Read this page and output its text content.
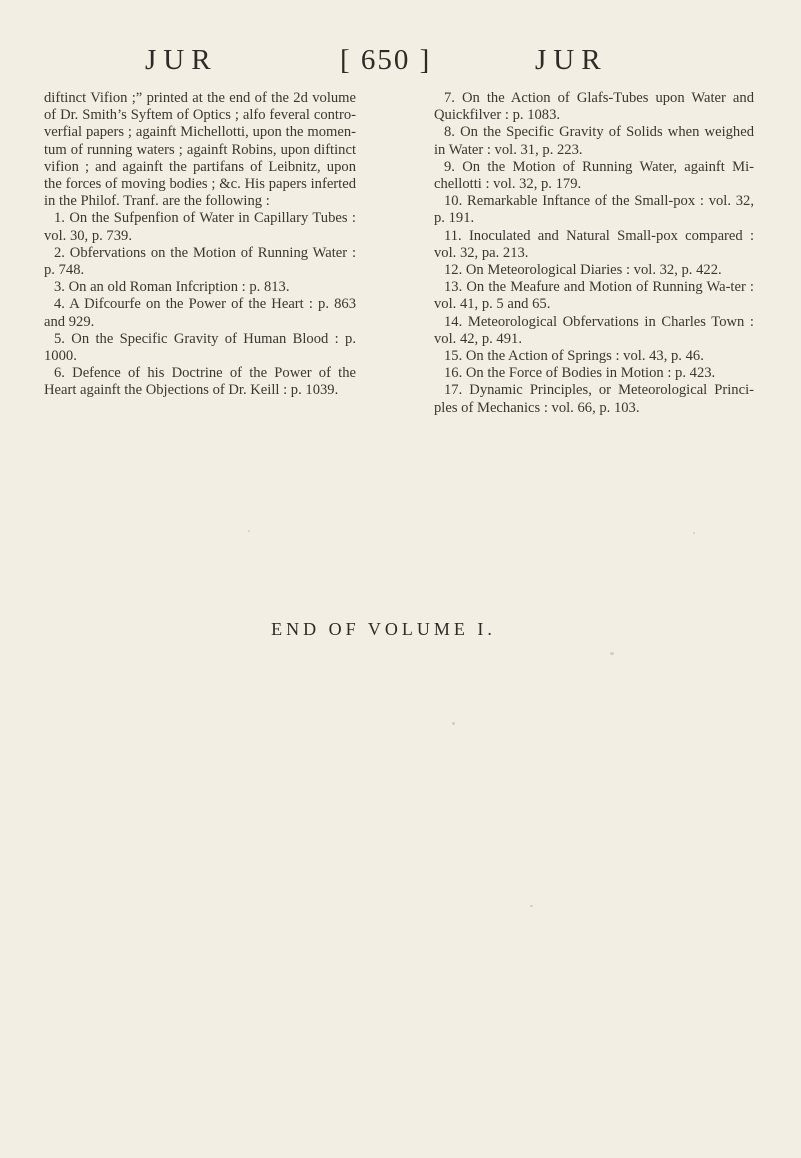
JUR	[ 650 ]	JUR

diftinct Vifion ;” printed at the end of the 2d volume of Dr. Smith’s Syftem of Optics ; alfo feveral contro-verfial papers ; againft Michellotti, upon the momen-tum of running waters ; againft Robins, upon diftinct vifion ; and againft the partifans of Leibnitz, upon the forces of moving bodies ; &c. His papers inferted in the Philof. Tranf. are the following :

1. On the Sufpenfion of Water in Capillary Tubes : vol. 30, p. 739.

2. Obfervations on the Motion of Running Water : p. 748.

3. On an old Roman Infcription : p. 813.

4. A Difcourfe on the Power of the Heart : p. 863 and 929.

5. On the Specific Gravity of Human Blood : p. 1000.

6. Defence of his Doctrine of the Power of the Heart againft the Objections of Dr. Keill : p. 1039.

7. On the Action of Glafs-Tubes upon Water and Quickfilver : p. 1083.

8. On the Specific Gravity of Solids when weighed in Water : vol. 31, p. 223.

9. On the Motion of Running Water, againft Mi-chellotti : vol. 32, p. 179.

10. Remarkable Inftance of the Small-pox : vol. 32, p. 191.

11. Inoculated and Natural Small-pox compared : vol. 32, pa. 213.

12. On Meteorological Diaries : vol. 32, p. 422.

13. On the Meafure and Motion of Running Wa-ter : vol. 41, p. 5 and 65.

14. Meteorological Obfervations in Charles Town : vol. 42, p. 491.

15. On the Action of Springs : vol. 43, p. 46.

16. On the Force of Bodies in Motion : p. 423.

17. Dynamic Principles, or Meteorological Princi-ples of Mechanics : vol. 66, p. 103.

END OF VOLUME I.
